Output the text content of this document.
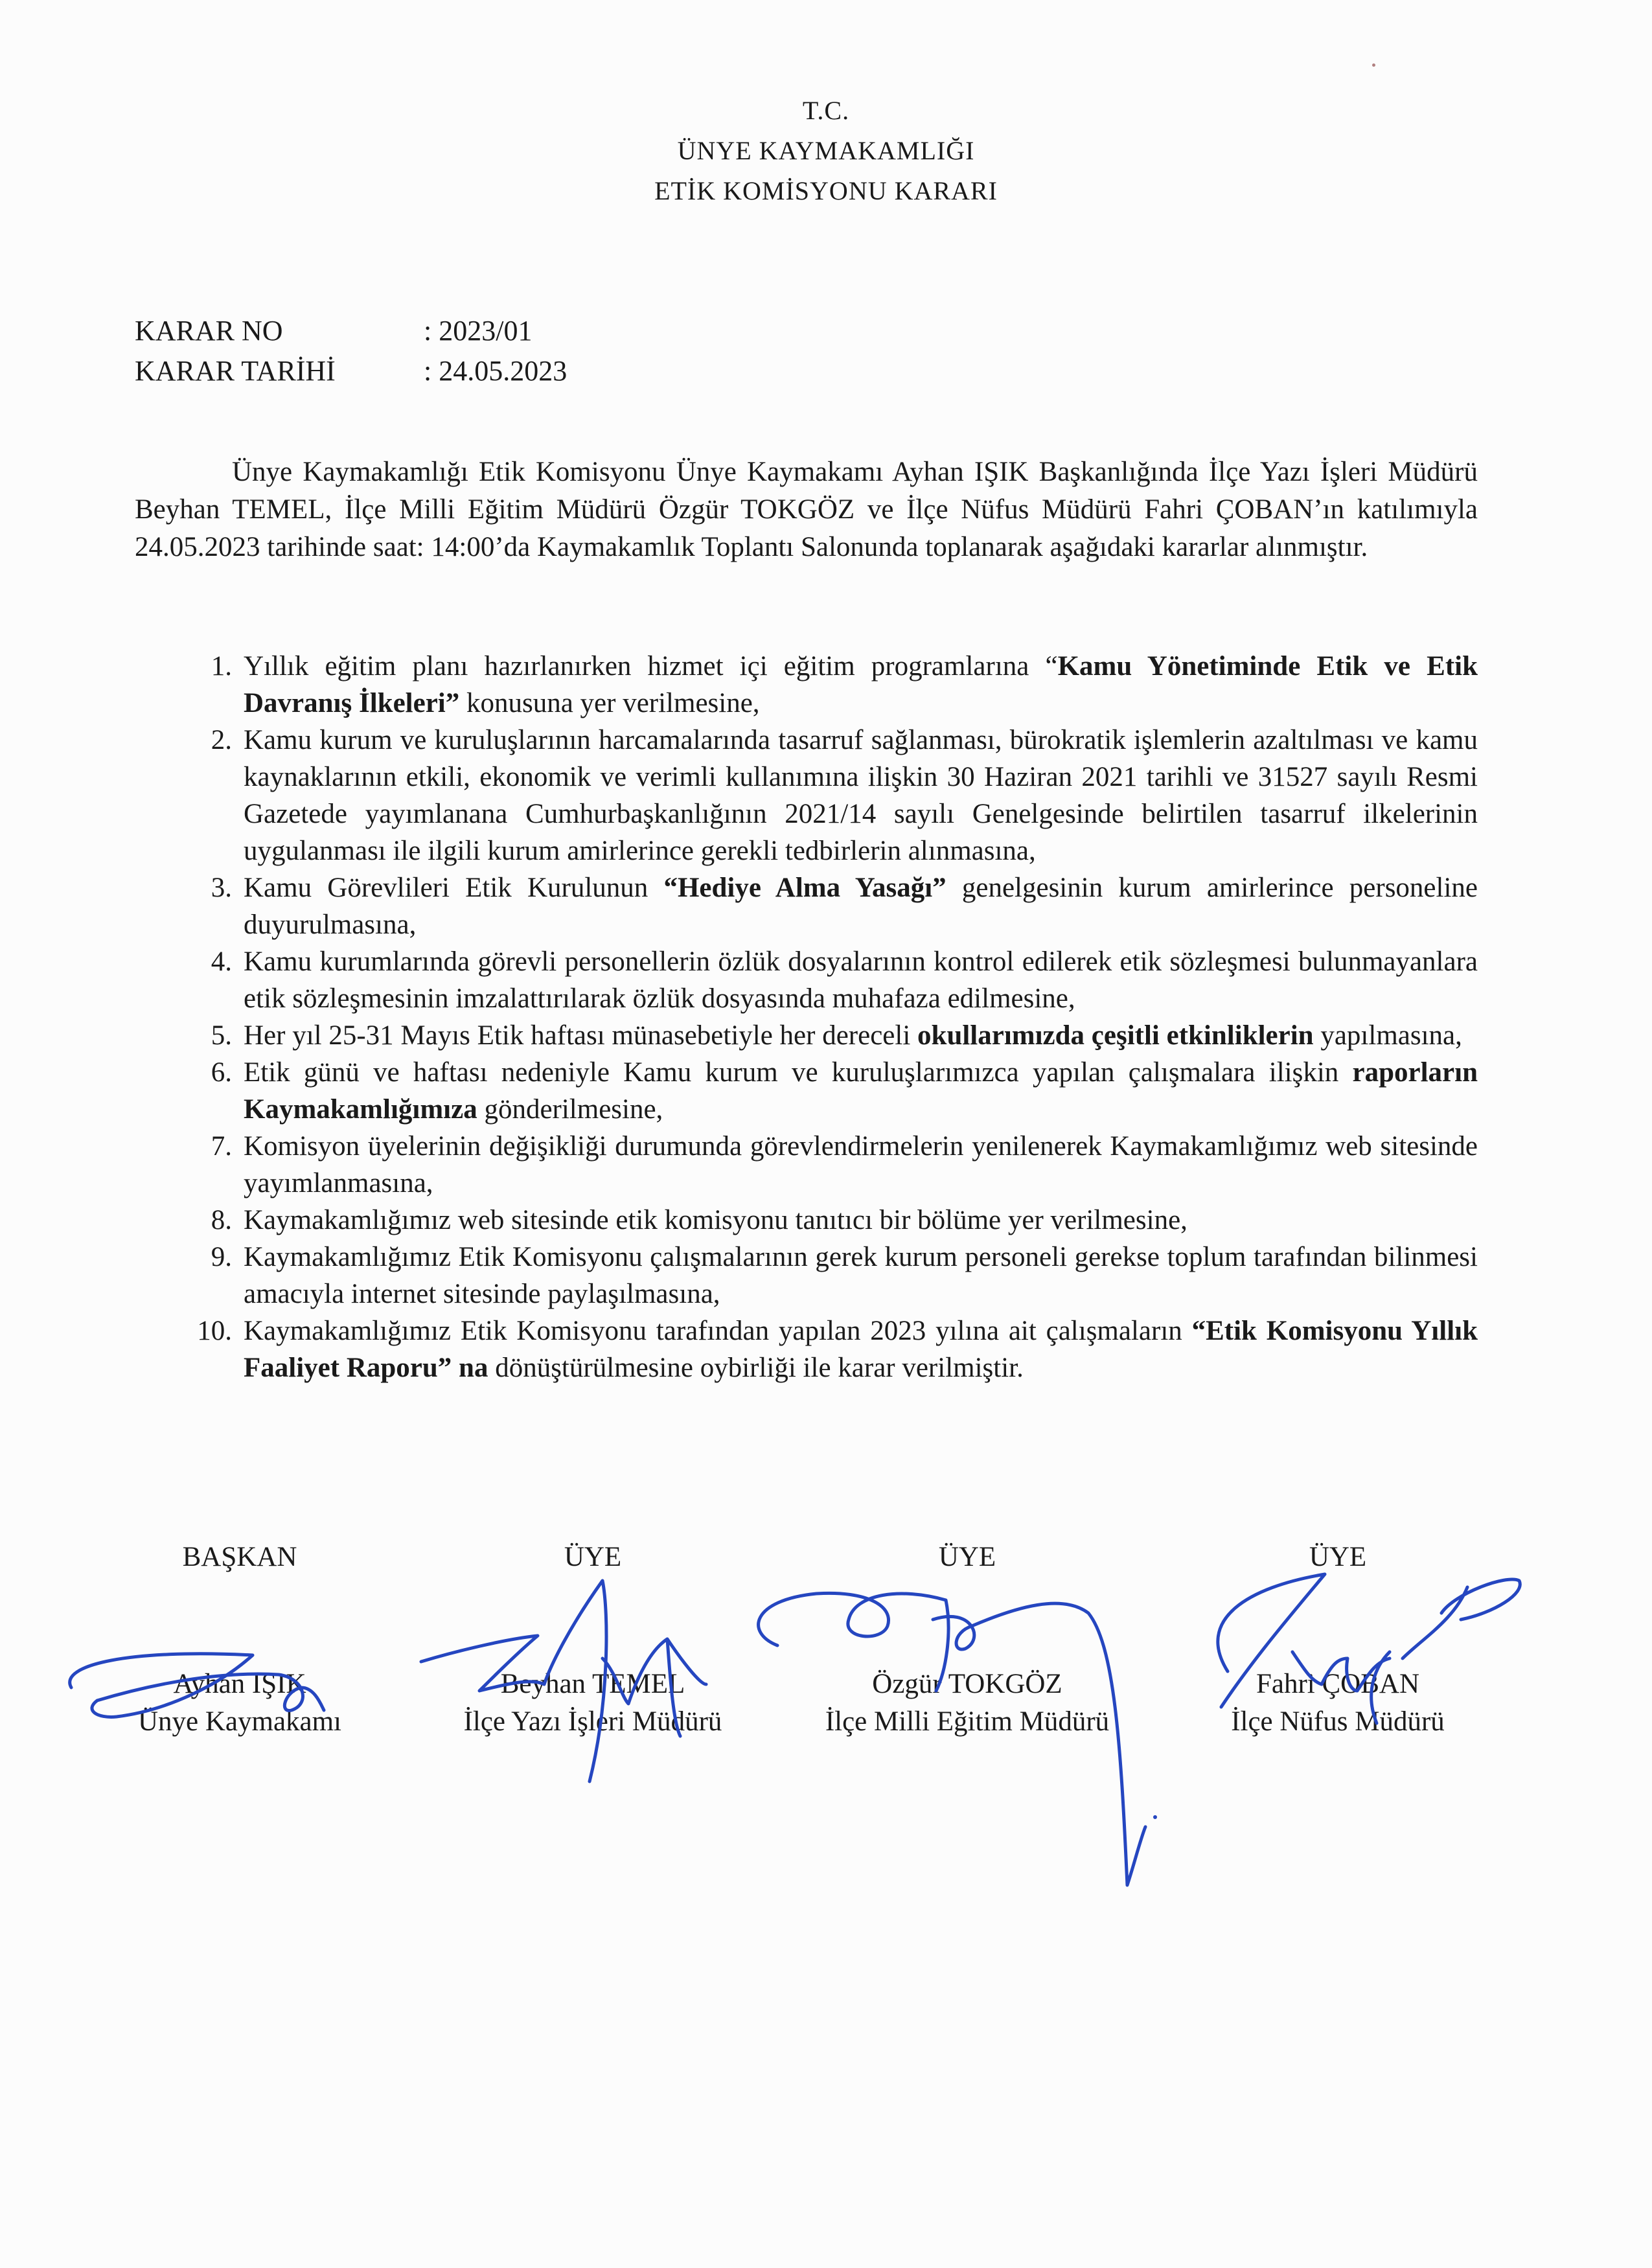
T.C.
ÜNYE KAYMAKAMLIĞI
ETİK KOMİSYONU KARARI
KARAR NO	: 2023/01
KARAR TARİHİ	: 24.05.2023
Ünye Kaymakamlığı Etik Komisyonu Ünye Kaymakamı Ayhan IŞIK Başkanlığında İlçe Yazı İşleri Müdürü Beyhan TEMEL, İlçe Milli Eğitim Müdürü Özgür TOKGÖZ ve İlçe Nüfus Müdürü Fahri ÇOBAN’ın katılımıyla 24.05.2023 tarihinde saat: 14:00’da Kaymakamlık Toplantı Salonunda toplanarak aşağıdaki kararlar alınmıştır.
1. Yıllık eğitim planı hazırlanırken hizmet içi eğitim programlarına “Kamu Yönetiminde Etik ve Etik Davranış İlkeleri” konusuna yer verilmesine,
2. Kamu kurum ve kuruluşlarının harcamalarında tasarruf sağlanması, bürokratik işlemlerin azaltılması ve kamu kaynaklarının etkili, ekonomik ve verimli kullanımına ilişkin 30 Haziran 2021 tarihli ve 31527 sayılı Resmi Gazetede yayımlanana Cumhurbaşkanlığının 2021/14 sayılı Genelgesinde belirtilen tasarruf ilkelerinin uygulanması ile ilgili kurum amirlerince gerekli tedbirlerin alınmasına,
3. Kamu Görevlileri Etik Kurulunun “Hediye Alma Yasağı” genelgesinin kurum amirlerince personeline duyurulmasına,
4. Kamu kurumlarında görevli personellerin özlük dosyalarının kontrol edilerek etik sözleşmesi bulunmayanlara etik sözleşmesinin imzalattırılarak özlük dosyasında muhafaza edilmesine,
5. Her yıl 25-31 Mayıs Etik haftası münasebetiyle her dereceli okullarımızda çeşitli etkinliklerin yapılmasına,
6. Etik günü ve haftası nedeniyle Kamu kurum ve kuruluşlarımızca yapılan çalışmalara ilişkin raporların Kaymakamlığımıza gönderilmesine,
7. Komisyon üyelerinin değişikliği durumunda görevlendirmelerin yenilenerek Kaymakamlığımız web sitesinde yayımlanmasına,
8. Kaymakamlığımız web sitesinde etik komisyonu tanıtıcı bir bölüme yer verilmesine,
9. Kaymakamlığımız Etik Komisyonu çalışmalarının gerek kurum personeli gerekse toplum tarafından bilinmesi amacıyla internet sitesinde paylaşılmasına,
10. Kaymakamlığımız Etik Komisyonu tarafından yapılan 2023 yılına ait çalışmaların “Etik Komisyonu Yıllık Faaliyet Raporu” na dönüştürülmesine oybirliği ile karar verilmiştir.
BAŞKAN
Ayhan IŞIK
Ünye Kaymakamı
ÜYE
Beyhan TEMEL
İlçe Yazı İşleri Müdürü
ÜYE
Özgür TOKGÖZ
İlçe Milli Eğitim Müdürü
ÜYE
Fahri ÇOBAN
İlçe Nüfus Müdürü
